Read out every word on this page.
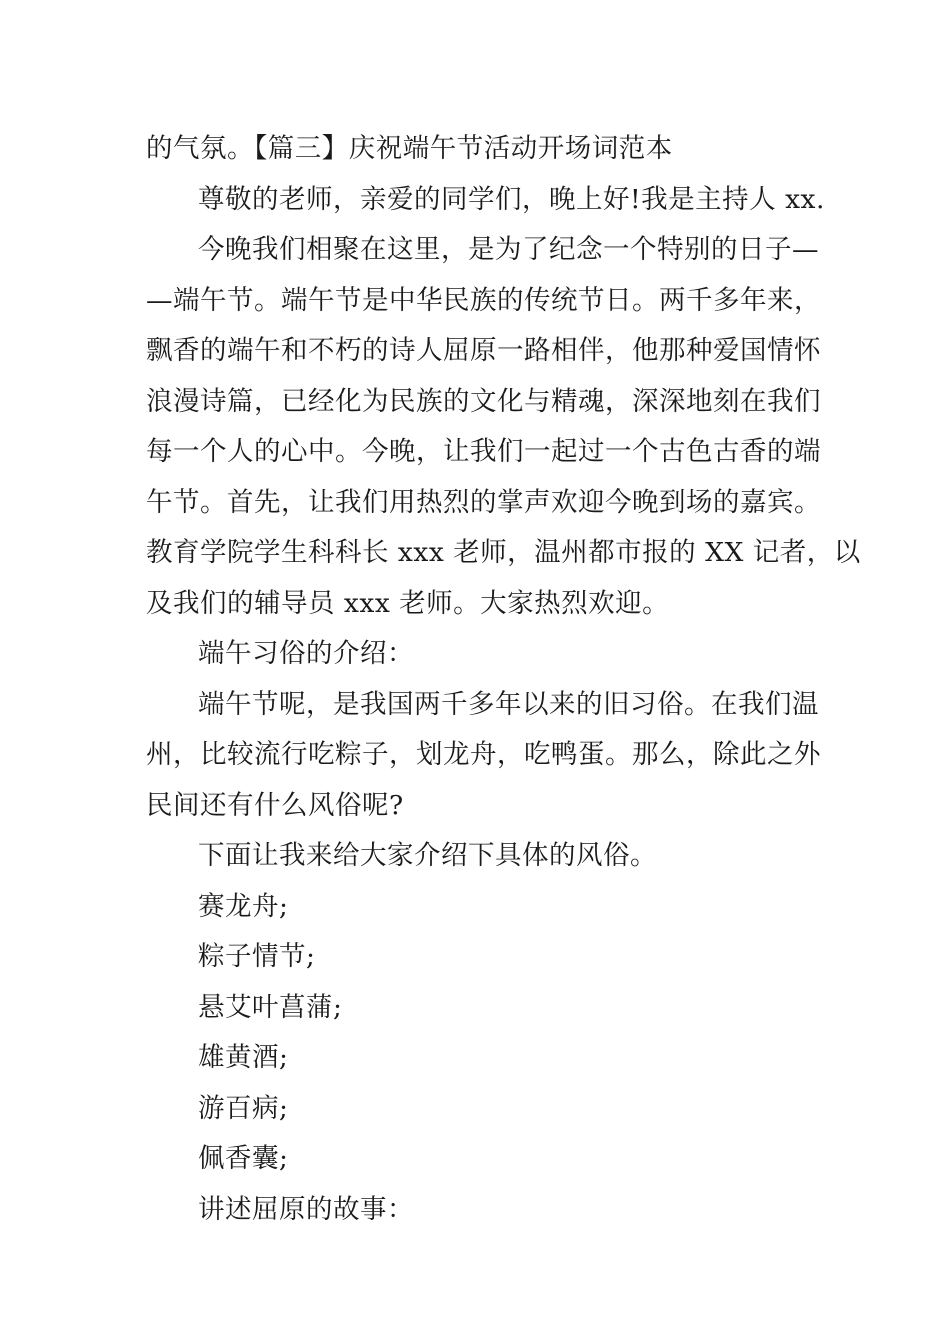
的气氛。【篇三】庆祝端午节活动开场词范本
尊敬的老师，亲爱的同学们，晚上好!我是主持人 xx.
今晚我们相聚在这里，是为了纪念一个特别的日子—
—端午节。端午节是中华民族的传统节日。两千多年来，
飘香的端午和不朽的诗人屈原一路相伴，他那种爱国情怀
浪漫诗篇，已经化为民族的文化与精魂，深深地刻在我们
每一个人的心中。今晚，让我们一起过一个古色古香的端
午节。首先，让我们用热烈的掌声欢迎今晚到场的嘉宾。
教育学院学生科科长 xxx 老师，温州都市报的 XX 记者，以
及我们的辅导员 xxx 老师。大家热烈欢迎。
端午习俗的介绍：
端午节呢，是我国两千多年以来的旧习俗。在我们温
州，比较流行吃粽子，划龙舟，吃鸭蛋。那么，除此之外
民间还有什么风俗呢?
下面让我来给大家介绍下具体的风俗。
赛龙舟;
粽子情节;
悬艾叶菖蒲;
雄黄酒;
游百病;
佩香囊;
讲述屈原的故事：
